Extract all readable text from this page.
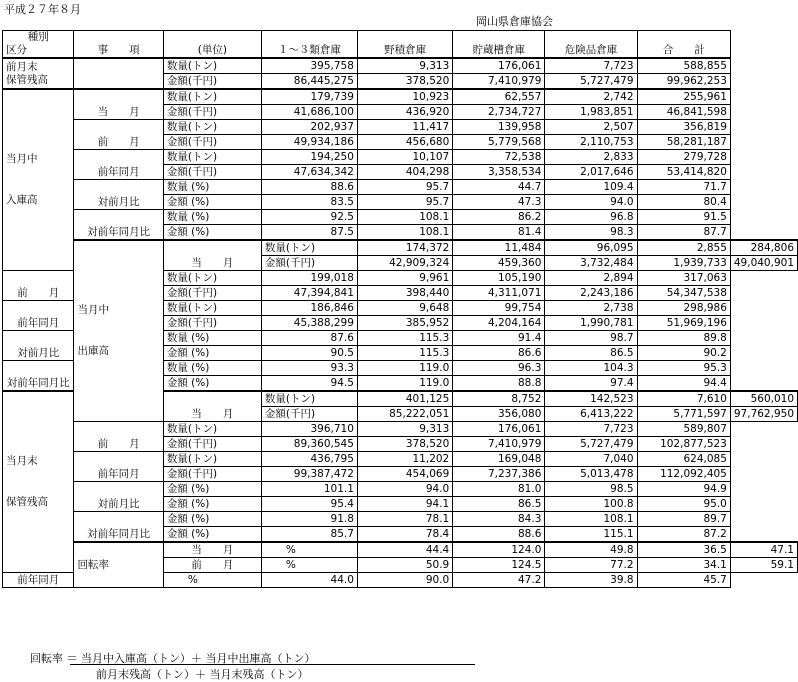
平成２７年８月
岡山県倉庫協会
種別
区分	事　　項	(単位)	１～３類倉庫	野積倉庫	貯蔵槽倉庫	危険品倉庫	合　　計	

前月末
保管残高		数量(トン)	395,758	9,313	176,061	7,723	588,855	
		金額(千円)	86,445,275	378,520	7,410,979	5,727,479	99,962,253	

当月中
入庫高	当　　月	数量(トン)	179,739	10,923	62,557	2,742	255,961	
		金額(千円)	41,686,100	436,920	2,734,727	1,983,851	46,841,598	
	前　　月	数量(トン)	202,937	11,417	139,958	2,507	356,819	
		金額(千円)	49,934,186	456,680	5,779,568	2,110,753	58,281,187	
	前年同月	数量(トン)	194,250	10,107	72,538	2,833	279,728	
		金額(千円)	47,634,342	404,298	3,358,534	2,017,646	53,414,820	
	対前月比	数量 (%)	88.6	95.7	44.7	109.4	71.7	
		金額 (%)	83.5	95.7	47.3	94.0	80.4	
	対前年同月比	数量 (%)	92.5	108.1	86.2	96.8	91.5	
		金額 (%)	87.5	108.1	81.4	98.3	87.7	

	当月中
出庫高	当　　月	数量(トン)	174,372	11,484	96,095	2,855	284,806
			金額(千円)	42,909,324	459,360	3,732,484	1,939,733	49,040,901
前　　月		数量(トン)	199,018	9,961	105,190	2,894	317,063	
		金額(千円)	47,394,841	398,440	4,311,071	2,243,186	54,347,538	
前年同月		数量(トン)	186,846	9,648	99,754	2,738	298,986	
		金額(千円)	45,388,299	385,952	4,204,164	1,990,781	51,969,196	
対前月比		数量 (%)	87.6	115.3	91.4	98.7	89.8	
		金額 (%)	90.5	115.3	86.6	86.5	90.2	
対前年同月比		数量 (%)	93.3	119.0	96.3	104.3	95.3	
		金額 (%)	94.5	119.0	88.8	97.4	94.4	

当月末
保管残高		当　　月	数量(トン)	401,125	8,752	142,523	7,610	560,010
			金額(千円)	85,222,051	356,080	6,413,222	5,771,597	97,762,950
	前　　月	数量(トン)	396,710	9,313	176,061	7,723	589,807	
		金額(千円)	89,360,545	378,520	7,410,979	5,727,479	102,877,523	
	前年同月	数量(トン)	436,795	11,202	169,048	7,040	624,085	
		金額(千円)	99,387,472	454,069	7,237,386	5,013,478	112,092,405	
	対前月比	金額 (%)	101.1	94.0	81.0	98.5	94.9	
		金額 (%)	95.4	94.1	86.5	100.8	95.0	
	対前年同月比	金額 (%)	91.8	78.1	84.3	108.1	89.7	
		金額 (%)	85.7	78.4	88.6	115.1	87.2	
	回転率	当　　月	%	44.4	124.0	49.8	36.5	47.1
		前　　月	%	50.9	124.5	77.2	34.1	59.1
前年同月		%	44.0	90.0	47.2	39.8	45.7	
回転率 ＝ 当月中入庫高（トン）＋ 当月中出庫高（トン）
前月末残高（トン）＋ 当月末残高（トン）
